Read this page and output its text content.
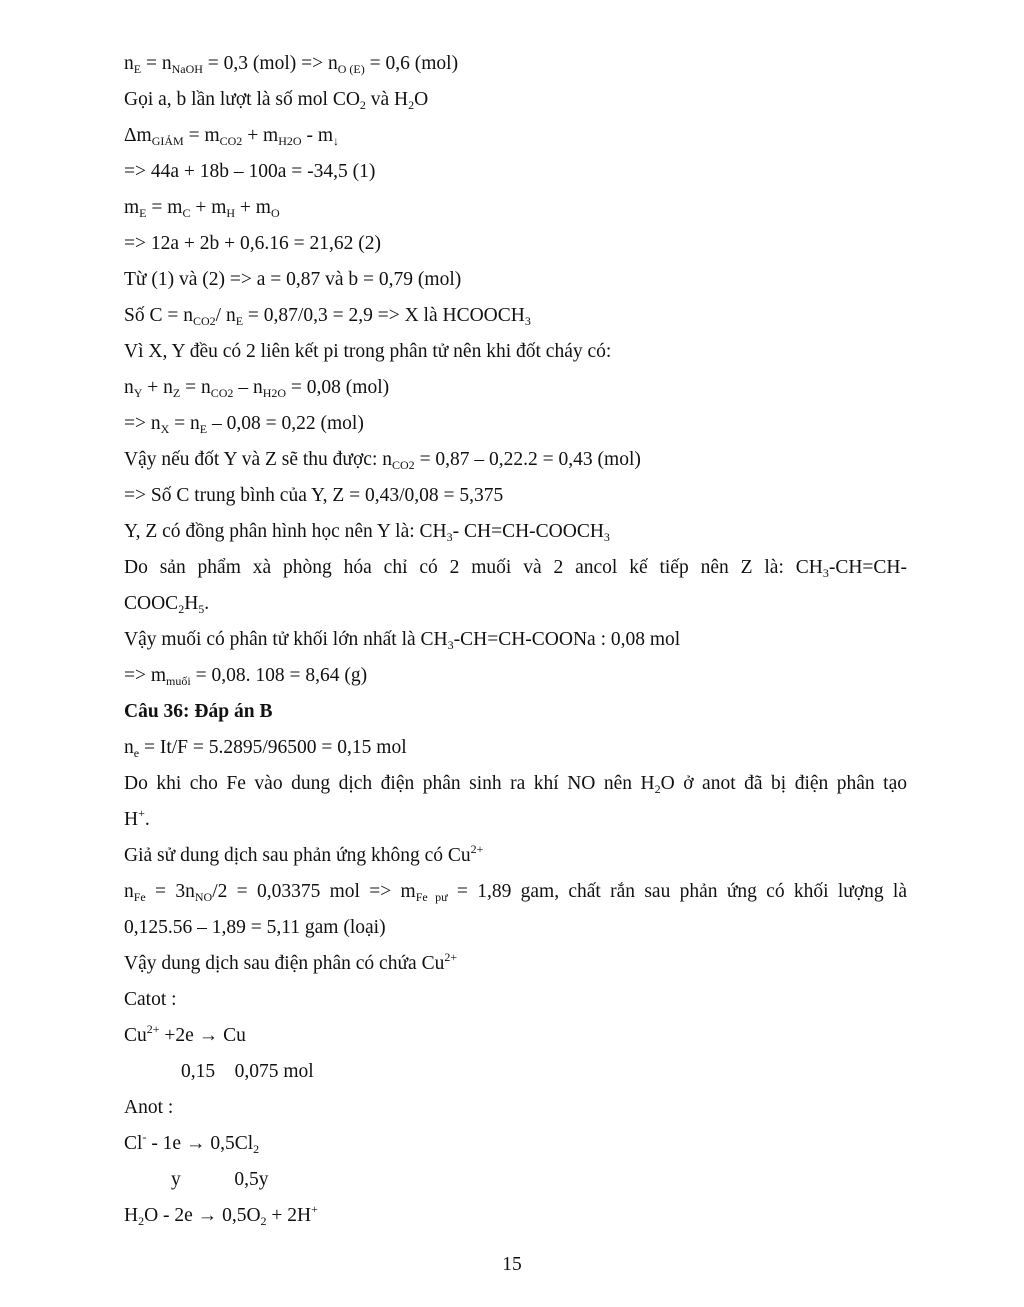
$n_E = n_{NaOH} = 0,3$ $(mol) => n_{O (E)} = 0,6$ (mol)
Gọi a, b lần lượt là số mol $CO_2$ và $H_2O$
$\Delta m_{GIẢM} = m_{CO2} + m_{H2O} - m_↓$
=> 44a + 18b – 100a = -34,5 (1)
$m_E = m_C + m_H + m_O$
=> 12a + 2b + 0,6.16 = 21,62 (2)
Từ (1) và (2) => a = 0,87 và b = 0,79 (mol)
Số $C = n_{CO2}/$ $n_E = 0,87/0,3 = 2,9 => X$ là $HCOOCH_3$
Vì X, Y đều có 2 liên kết pi trong phân tử nên khi đốt cháy có:
$n_Y + n_Z = n_{CO2} - n_{H2O} = 0,08$ (mol)
=> $n_X = n_E - 0,08 = 0,22$ (mol)
Vậy nếu đốt Y và Z sẽ thu được: $n_{CO2} = 0,87 - 0,22.2 = 0,43$ (mol)
=> Số C trung bình của Y, Z = 0,43/0,08 = 5,375
Y, Z có đồng phân hình học nên Y là: $CH_3-$ $CH=CH-COOCH_3$
Do sản phẩm xà phòng hóa chỉ có 2 muối và 2 ancol kế tiếp nên Z là: $CH_3-CH=CH-$
$COOC_2H_5$.
Vậy muối có phân tử khối lớn nhất là $CH_3-CH=CH$-COONa : 0,08 mol
=> $m_{muối} = 0,08$. 108 = 8,64 (g)
Câu 36: Đáp án B
$n_e = It/F = 5.2895/96500 = 0,15$ mol
Do khi cho Fe vào dung dịch điện phân sinh ra khí NO nên $H_2O$ ở anot đã bị điện phân tạo
H+.
Giả sử dung dịch sau phản ứng không có $Cu^{2+}$
$n_{Fe} = 3n_{NO}/2 = 0,03375$ mol => $m_{Fe pư} = 1,89$ gam, chất rắn sau phản ứng có khối lượng là
0,125.56 – 1,89 = 5,11 gam (loại)
Vậy dung dịch sau điện phân có chứa $Cu^{2+}$
Catot :
$Cu^{2+} +2e \to Cu$
0,15    0,075 mol
Anot :
$Cl^- - 1e \to 0,5Cl_2$
y           0,5y
$H_2O - 2e \to 0,5O_2 + 2H^+$
15
